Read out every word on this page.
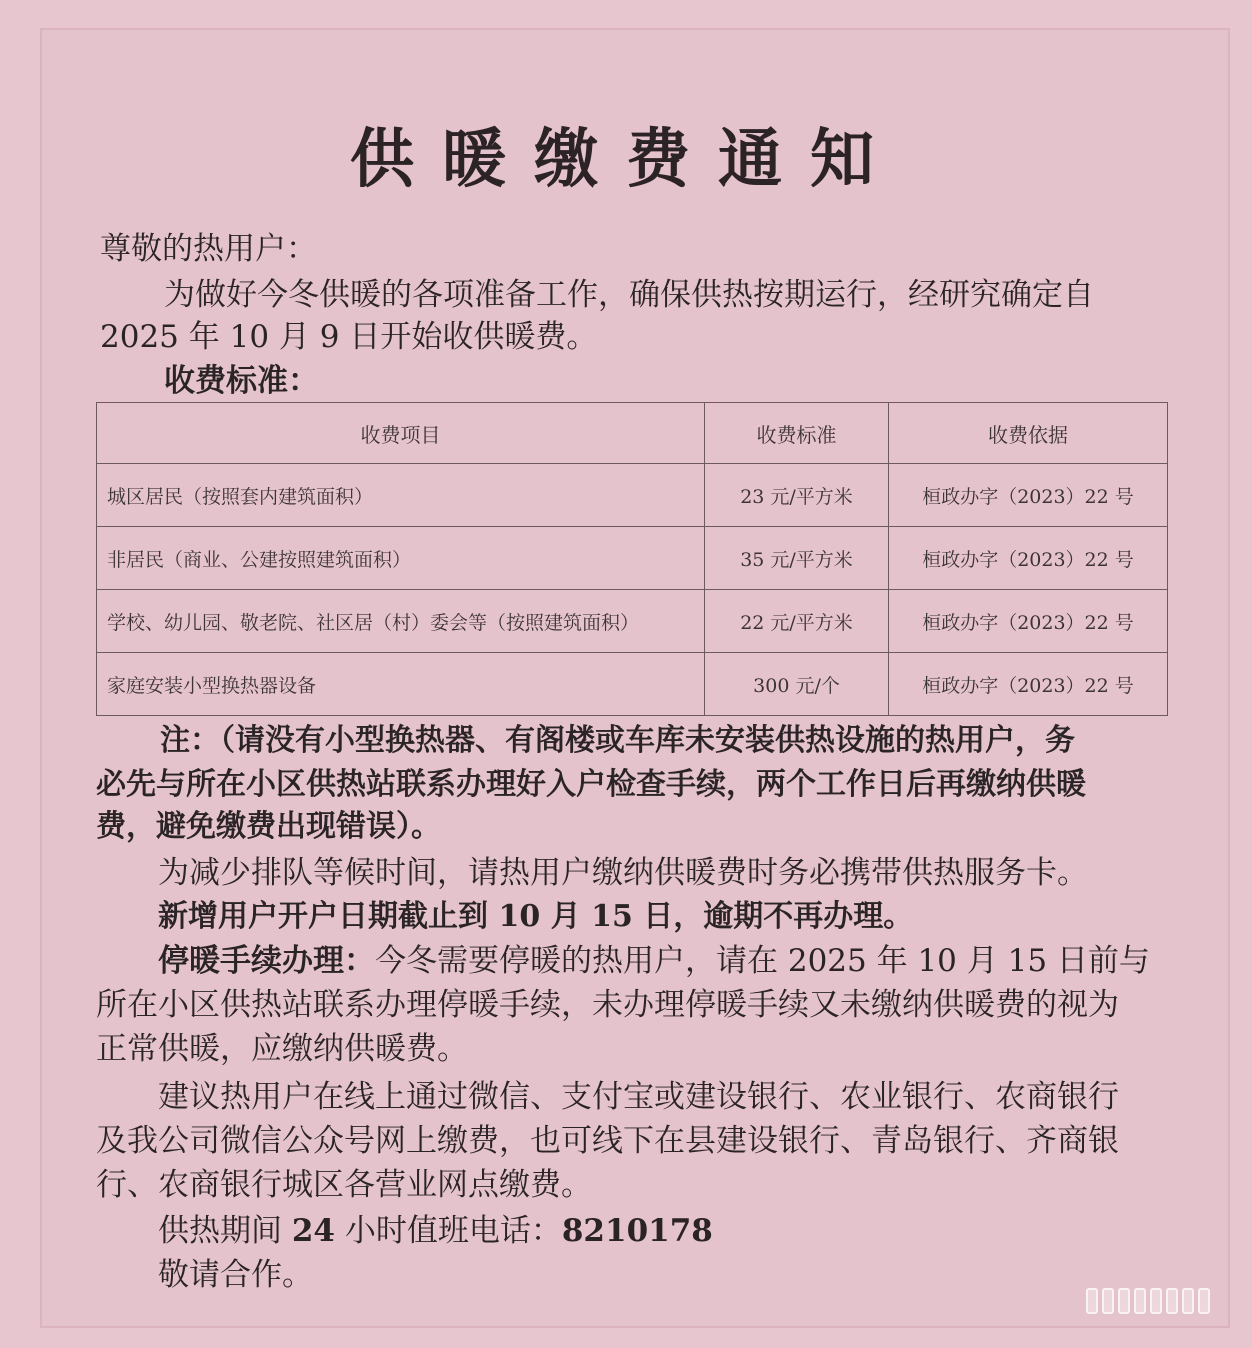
供暖缴费通知

尊敬的热用户：

为做好今冬供暖的各项准备工作，确保供热按期运行，经研究确定自

2025 年 10 月 9 日开始收供暖费。

收费标准：

收费项目	收费标准	收费依据
城区居民（按照套内建筑面积）	23 元/平方米	桓政办字（2023）22 号
非居民（商业、公建按照建筑面积）	35 元/平方米	桓政办字（2023）22 号
学校、幼儿园、敬老院、社区居（村）委会等（按照建筑面积）	22 元/平方米	桓政办字（2023）22 号
家庭安装小型换热器设备	300 元/个	桓政办字（2023）22 号

注：（请没有小型换热器、有阁楼或车库未安装供热设施的热用户，务

必先与所在小区供热站联系办理好入户检查手续，两个工作日后再缴纳供暖

费，避免缴费出现错误）。

为减少排队等候时间，请热用户缴纳供暖费时务必携带供热服务卡。

新增用户开户日期截止到 10 月 15 日，逾期不再办理。

停暖手续办理：今冬需要停暖的热用户，请在 2025 年 10 月 15 日前与

所在小区供热站联系办理停暖手续，未办理停暖手续又未缴纳供暖费的视为

正常供暖，应缴纳供暖费。

建议热用户在线上通过微信、支付宝或建设银行、农业银行、农商银行

及我公司微信公众号网上缴费，也可线下在县建设银行、青岛银行、齐商银

行、农商银行城区各营业网点缴费。

供热期间 24 小时值班电话：8210178

敬请合作。
